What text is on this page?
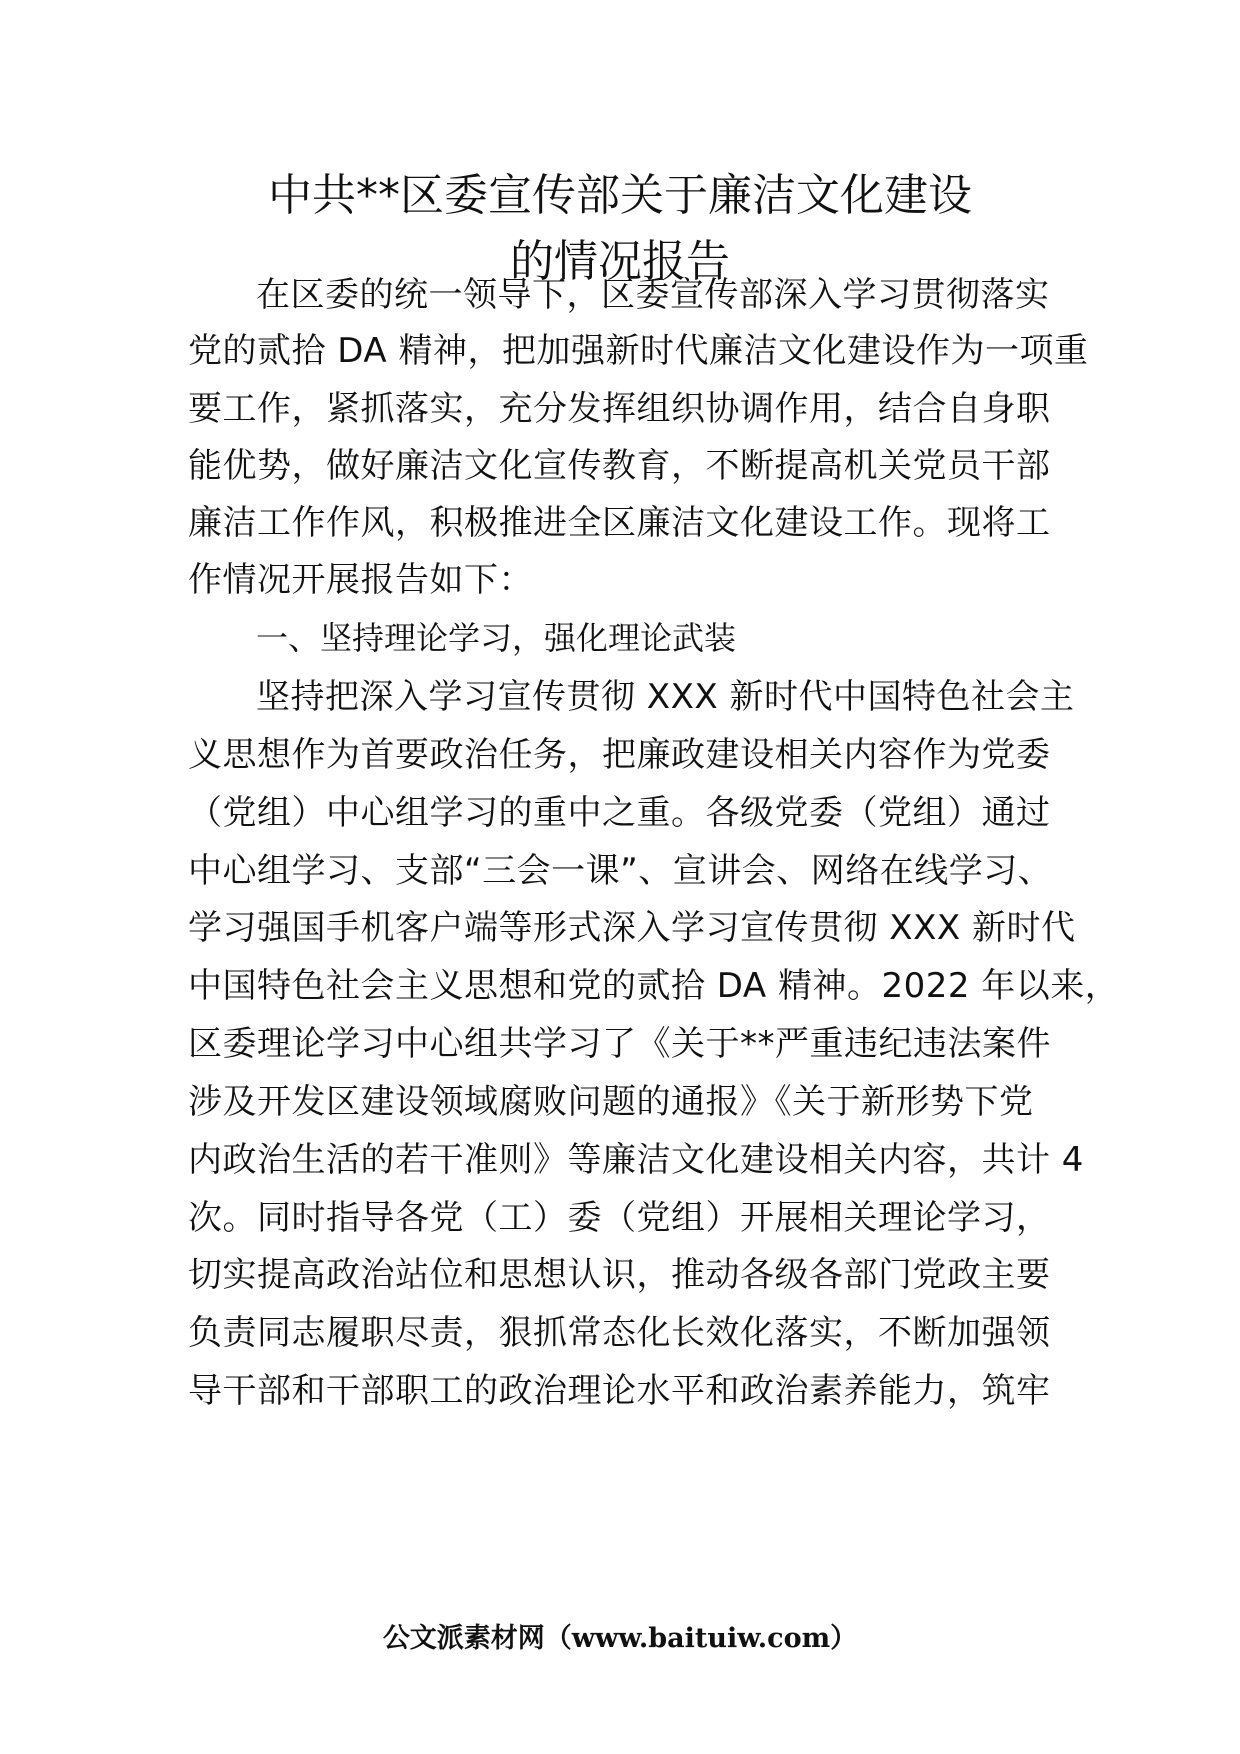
中共**区委宣传部关于廉洁文化建设
的情况报告
在区委的统一领导下，区委宣传部深入学习贯彻落实
党的贰拾 DA 精神，把加强新时代廉洁文化建设作为一项重
要工作，紧抓落实，充分发挥组织协调作用，结合自身职
能优势，做好廉洁文化宣传教育，不断提高机关党员干部
廉洁工作作风，积极推进全区廉洁文化建设工作。现将工
作情况开展报告如下：
一、坚持理论学习，强化理论武装
坚持把深入学习宣传贯彻 XXX 新时代中国特色社会主
义思想作为首要政治任务，把廉政建设相关内容作为党委
（党组）中心组学习的重中之重。各级党委（党组）通过
中心组学习、支部“三会一课”、宣讲会、网络在线学习、
学习强国手机客户端等形式深入学习宣传贯彻 XXX 新时代
中国特色社会主义思想和党的贰拾 DA 精神。2022 年以来，
区委理论学习中心组共学习了《关于**严重违纪违法案件
涉及开发区建设领域腐败问题的通报》《关于新形势下党
内政治生活的若干准则》等廉洁文化建设相关内容，共计 4
次。同时指导各党（工）委（党组）开展相关理论学习，
切实提高政治站位和思想认识，推动各级各部门党政主要
负责同志履职尽责，狠抓常态化长效化落实，不断加强领
导干部和干部职工的政治理论水平和政治素养能力，筑牢
公文派素材网（www.baituiw.com）
